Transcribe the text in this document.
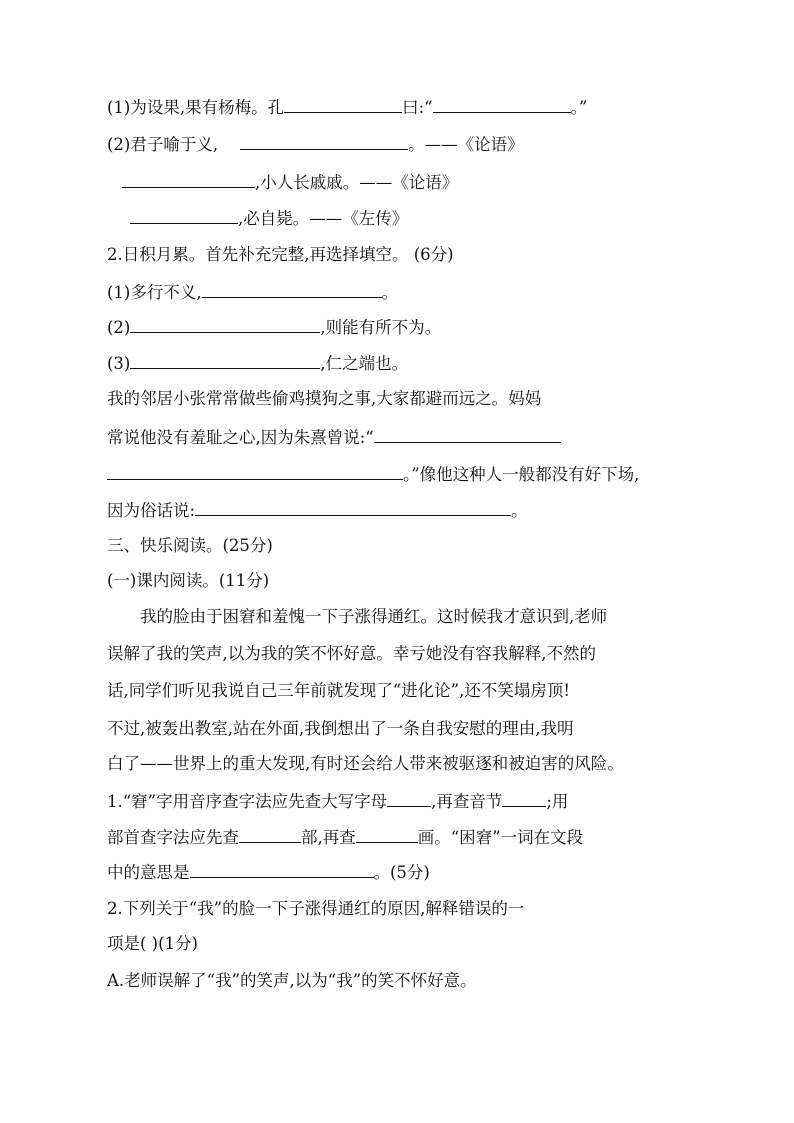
(1)为设果,果有杨梅。孔	曰:“	。”
(2)君子喻于义,	。——《论语》
,小人长戚戚。——《论语》
,必自毙。——《左传》
2.日积月累。首先补充完整,再选择填空。 (6分)
(1)多行不义,	。
(2)	,则能有所不为。
(3)	,仁之端也。
我的邻居小张常常做些偷鸡摸狗之事,大家都避而远之。妈妈
常说他没有羞耻之心,因为朱熹曾说:“
。”像他这种人一般都没有好下场,
因为俗话说:	。
三、快乐阅读。(25分)
(一)课内阅读。(11分)
我的脸由于困窘和羞愧一下子涨得通红。这时候我才意识到,老师
误解了我的笑声,以为我的笑不怀好意。幸亏她没有容我解释,不然的
话,同学们听见我说自己三年前就发现了“进化论”,还不笑塌房顶!
不过,被轰出教室,站在外面,我倒想出了一条自我安慰的理由,我明
白了——世界上的重大发现,有时还会给人带来被驱逐和被迫害的风险。
1.“窘”字用音序查字法应先查大写字母	,再查音节	;用
部首查字法应先查	部,再查	画。“困窘”一词在文段
中的意思是	。(5分)
2.下列关于“我”的脸一下子涨得通红的原因,解释错误的一
项是( )(1分)
A.老师误解了“我”的笑声,以为“我”的笑不怀好意。
